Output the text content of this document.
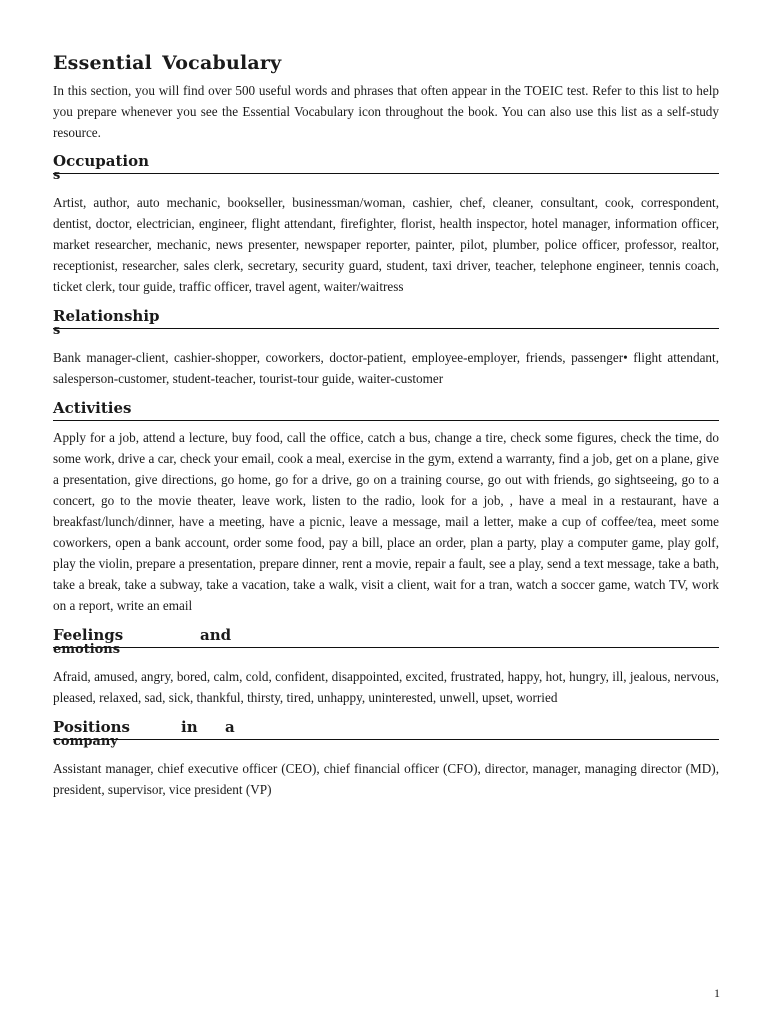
Essential Vocabulary

In this section, you will find over 500 useful words and phrases that often appear in the TOEIC test. Refer to this list to help you prepare whenever you see the Essential Vocabulary icon throughout the book. You can also use this list as a self-study resource.

Occupation
s
Artist, author, auto mechanic, bookseller, businessman/woman, cashier, chef, cleaner, consultant, cook, correspondent, dentist, doctor, electrician, engineer, flight attendant, firefighter, florist, health inspector, hotel manager, information officer, market researcher, mechanic, news presenter, newspaper reporter, painter, pilot, plumber, police officer, professor, realtor, receptionist, researcher, sales clerk, secretary, security guard, student, taxi driver, teacher, telephone engineer, tennis coach, ticket clerk, tour guide, traffic officer, travel agent, waiter/waitress
Relationship
s
Bank manager-client, cashier-shopper, coworkers, doctor-patient, employee-employer, friends, passenger• flight attendant, salesperson-customer, student-teacher, tourist-tour guide, waiter-customer
Activities
Apply for a job, attend a lecture, buy food, call the office, catch a bus, change a tire, check some figures, check the time, do some work, drive a car, check your email, cook a meal, exercise in the gym, extend a warranty, find a job, get on a plane, give a presentation, give directions, go home, go for a drive, go on a training course, go out with friends, go sightseeing, go to a concert, go to the movie theater, leave work, listen to the radio, look for a job, , have a meal in a restaurant, have a breakfast/lunch/dinner, have a meeting, have a picnic, leave a message, mail a letter, make a cup of coffee/tea, meet some coworkers, open a bank account, order some food, pay a bill, place an order, plan a party, play a computer game, play golf, play the violin, prepare a presentation, prepare dinner, rent a movie, repair a fault, see a play, send a text message, take a bath, take a break, take a subway, take a vacation, take a walk, visit a client, wait for a tran, watch a soccer game, watch TV, work on a report, write an email
Feelings	and
emotions
Afraid, amused, angry, bored, calm, cold, confident, disappointed, excited, frustrated, happy, hot, hungry, ill, jealous, nervous, pleased, relaxed, sad, sick, thankful, thirsty, tired, unhappy, uninterested, unwell, upset, worried
Positions	in a
company
Assistant manager, chief executive officer (CEO), chief financial officer (CFO), director, manager, managing director (MD), president, supervisor, vice president (VP)
1
